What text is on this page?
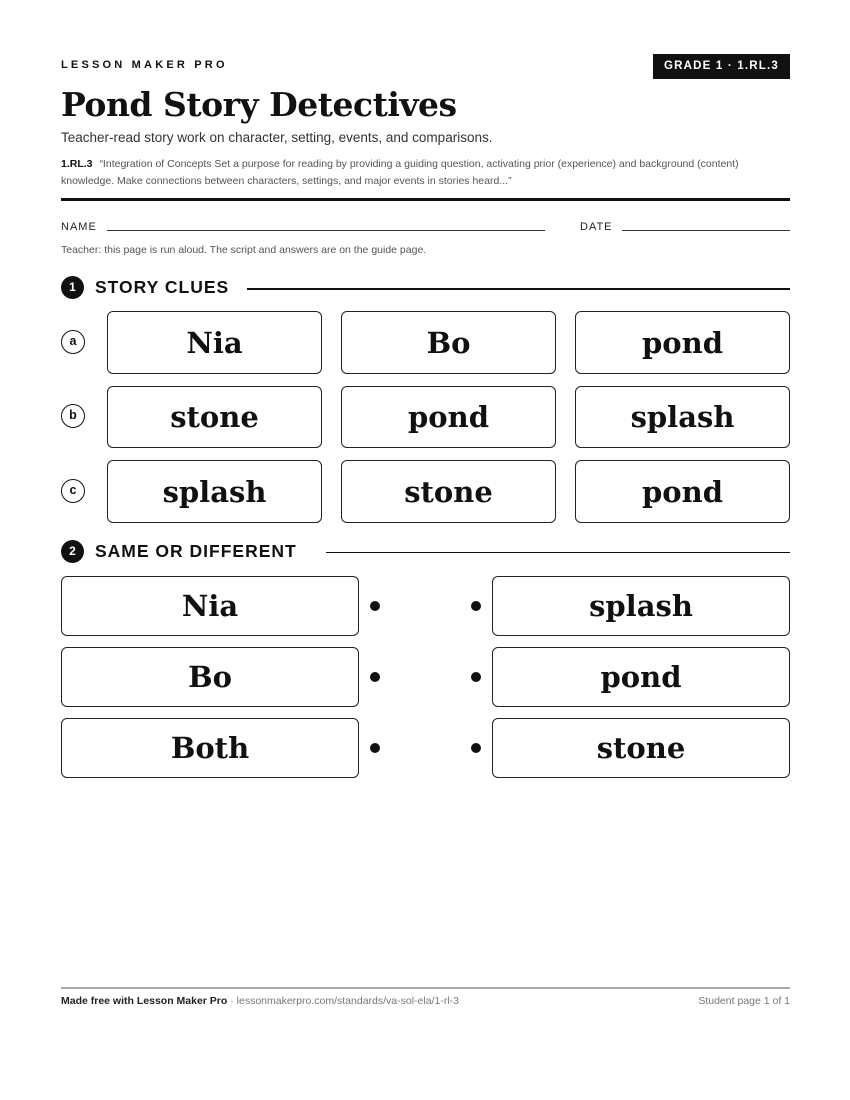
LESSON MAKER PRO	GRADE 1 · 1.RL.3
Pond Story Detectives
Teacher-read story work on character, setting, events, and comparisons.
1.RL.3 “Integration of Concepts Set a purpose for reading by providing a guiding question, activating prior (experience) and background (content) knowledge. Make connections between characters, settings, and major events in stories heard...”
NAME	DATE
Teacher: this page is run aloud. The script and answers are on the guide page.
1	STORY CLUES
a	Nia	Bo	pond
b	stone	pond	splash
c	splash	stone	pond
2	SAME OR DIFFERENT
Nia	splash
Bo	pond
Both	stone
Made free with Lesson Maker Pro · lessonmakerpro.com/standards/va-sol-ela/1-rl-3	Student page 1 of 1
